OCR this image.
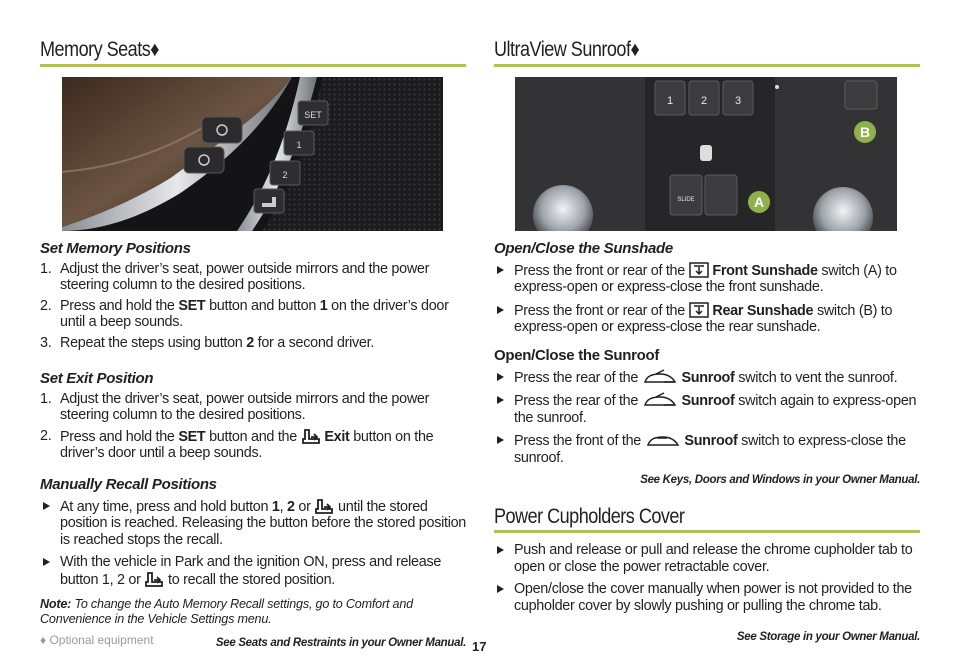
Memory Seats♦
SET
1
2
Set Memory Positions
1. Adjust the driver’s seat, power outside mirrors and the power steering column to the desired positions.
2. Press and hold the SET button and button 1 on the driver’s door until a beep sounds.
3. Repeat the steps using button 2 for a second driver.
Set Exit Position
1. Adjust the driver’s seat, power outside mirrors and the power steering column to the desired positions.
2. Press and hold the SET button and the  Exit button on the driver’s door until a beep sounds.
Manually Recall Positions
At any time, press and hold button 1, 2 or  until the stored position is reached. Releasing the button before the stored position is reached stops the recall.
With the vehicle in Park and the ignition ON, press and release button 1, 2 or  to recall the stored position.
Note: To change the Auto Memory Recall settings, go to Comfort and Convenience in the Vehicle Settings menu.
See Seats and Restraints in your Owner Manual.
UltraView Sunroof♦
1	2	3
SLIDE	A
B
Open/Close the Sunshade
Press the front or rear of the  Front Sunshade switch (A) to express-open or express-close the front sunshade.
Press the front or rear of the  Rear Sunshade switch (B) to express-open or express-close the rear sunshade.
Open/Close the Sunroof
Press the rear of the	Sunroof switch to vent the sunroof.
Press the rear of the	Sunroof switch again to express-open the sunroof.
Press the front of the	Sunroof switch to express-close the sunroof.
See Keys, Doors and Windows in your Owner Manual.
Power Cupholders Cover
Push and release or pull and release the chrome cupholder tab to open or close the power retractable cover.
Open/close the cover manually when power is not provided to the cupholder cover by slowly pushing or pulling the chrome tab.
See Storage in your Owner Manual.
♦ Optional equipment	17
